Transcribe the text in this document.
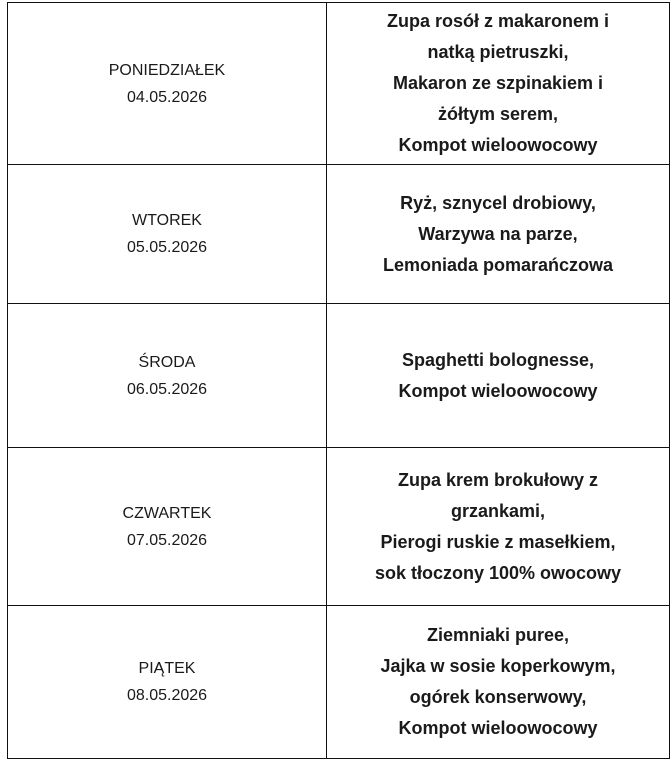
PONIEDZIAŁEK
04.05.2026	Zupa rosół z makaronem i
natką pietruszki,
Makaron ze szpinakiem i
żółtym serem,
Kompot wieloowocowy

WTOREK
05.05.2026	Ryż, sznycel drobiowy,
Warzywa na parze,
Lemoniada pomarańczowa

ŚRODA
06.05.2026	Spaghetti bolognesse,
Kompot wieloowocowy

CZWARTEK
07.05.2026	Zupa krem brokułowy z
grzankami,
Pierogi ruskie z masełkiem,
sok tłoczony 100% owocowy

PIĄTEK
08.05.2026	Ziemniaki puree,
Jajka w sosie koperkowym,
ogórek konserwowy,
Kompot wieloowocowy
